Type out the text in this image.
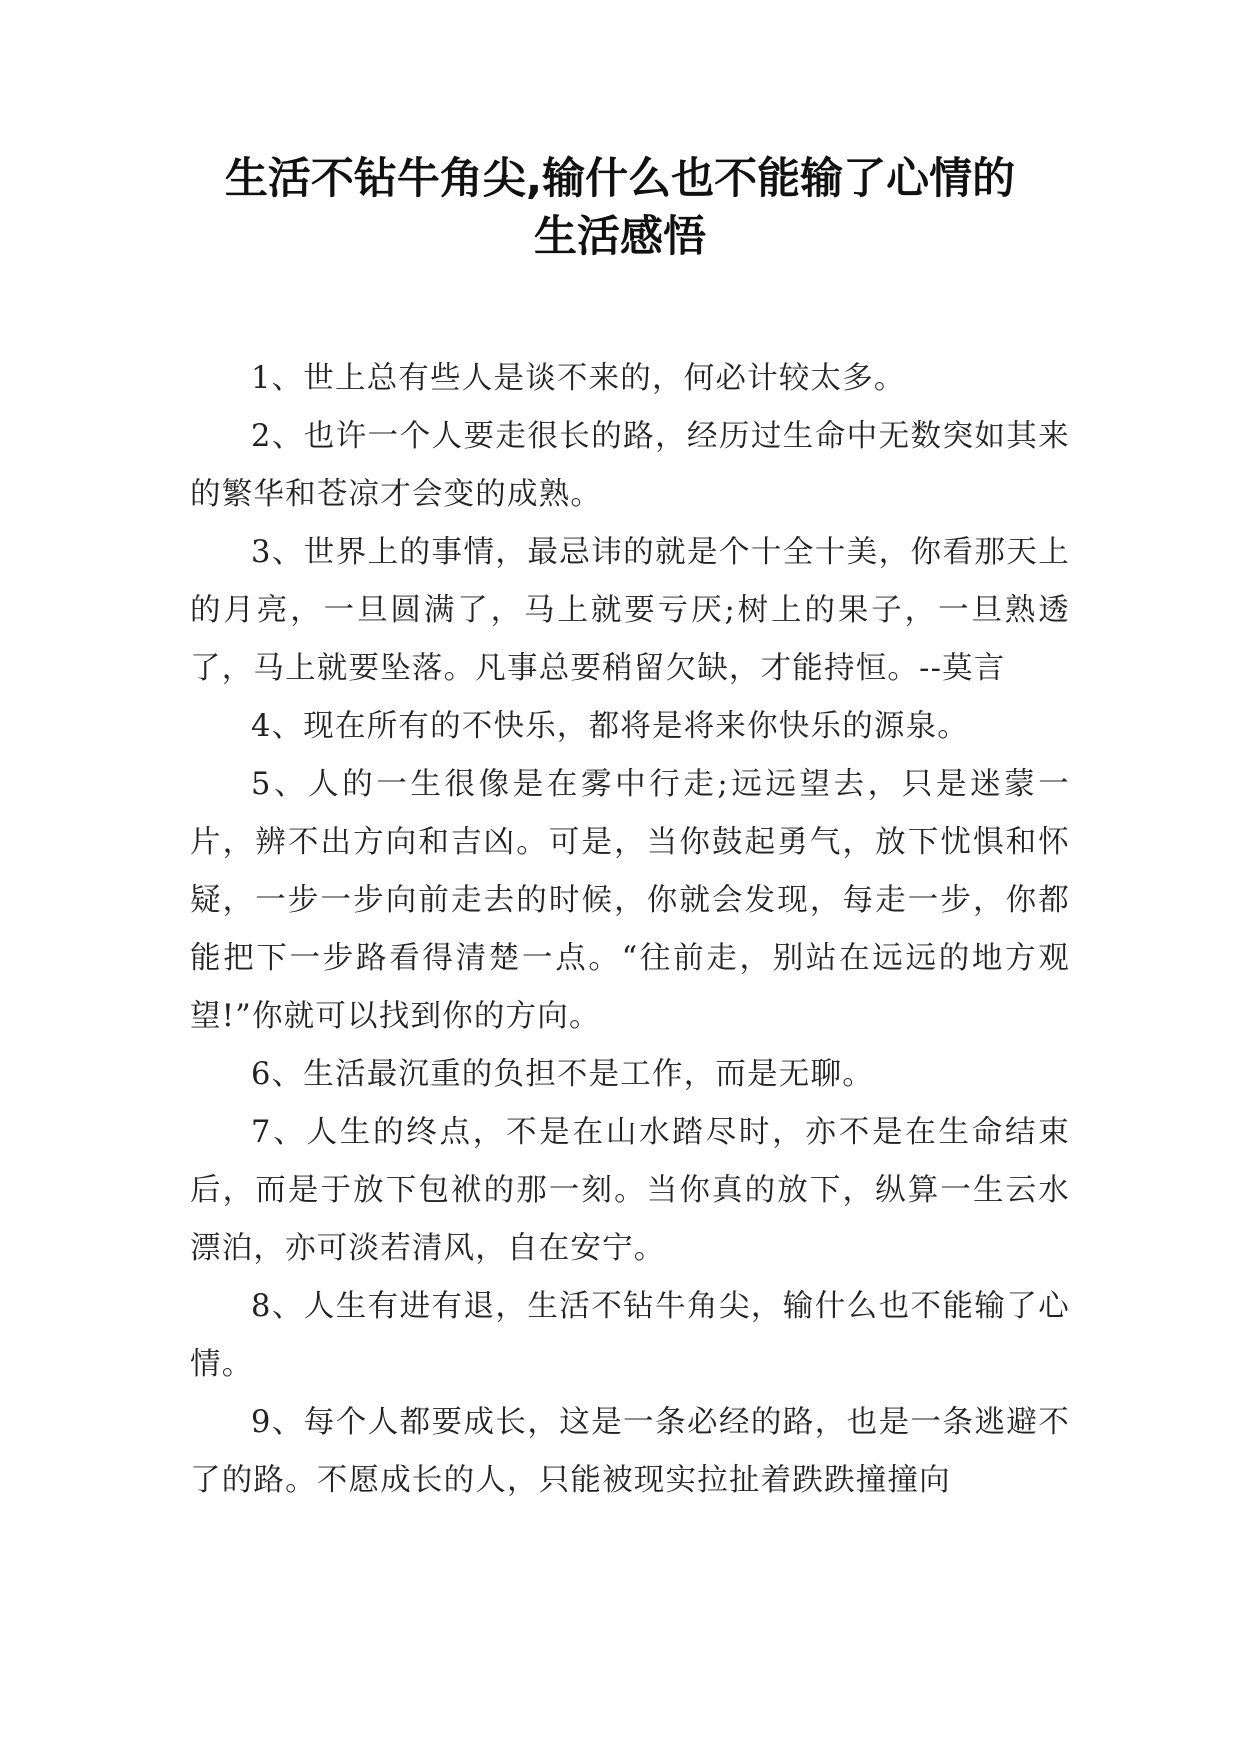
生活不钻牛角尖,输什么也不能输了心情的
生活感悟

1、世上总有些人是谈不来的，何必计较太多。

2、也许一个人要走很长的路，经历过生命中无数突如其来的繁华和苍凉才会变的成熟。

3、世界上的事情，最忌讳的就是个十全十美，你看那天上的月亮，一旦圆满了，马上就要亏厌;树上的果子，一旦熟透了，马上就要坠落。凡事总要稍留欠缺，才能持恒。--莫言

4、现在所有的不快乐，都将是将来你快乐的源泉。

5、人的一生很像是在雾中行走;远远望去，只是迷蒙一片，辨不出方向和吉凶。可是，当你鼓起勇气，放下忧惧和怀疑，一步一步向前走去的时候，你就会发现，每走一步，你都能把下一步路看得清楚一点。“往前走，别站在远远的地方观望!”你就可以找到你的方向。

6、生活最沉重的负担不是工作，而是无聊。

7、人生的终点，不是在山水踏尽时，亦不是在生命结束后，而是于放下包袱的那一刻。当你真的放下，纵算一生云水漂泊，亦可淡若清风，自在安宁。

8、人生有进有退，生活不钻牛角尖，输什么也不能输了心情。

9、每个人都要成长，这是一条必经的路，也是一条逃避不了的路。不愿成长的人，只能被现实拉扯着跌跌撞撞向
